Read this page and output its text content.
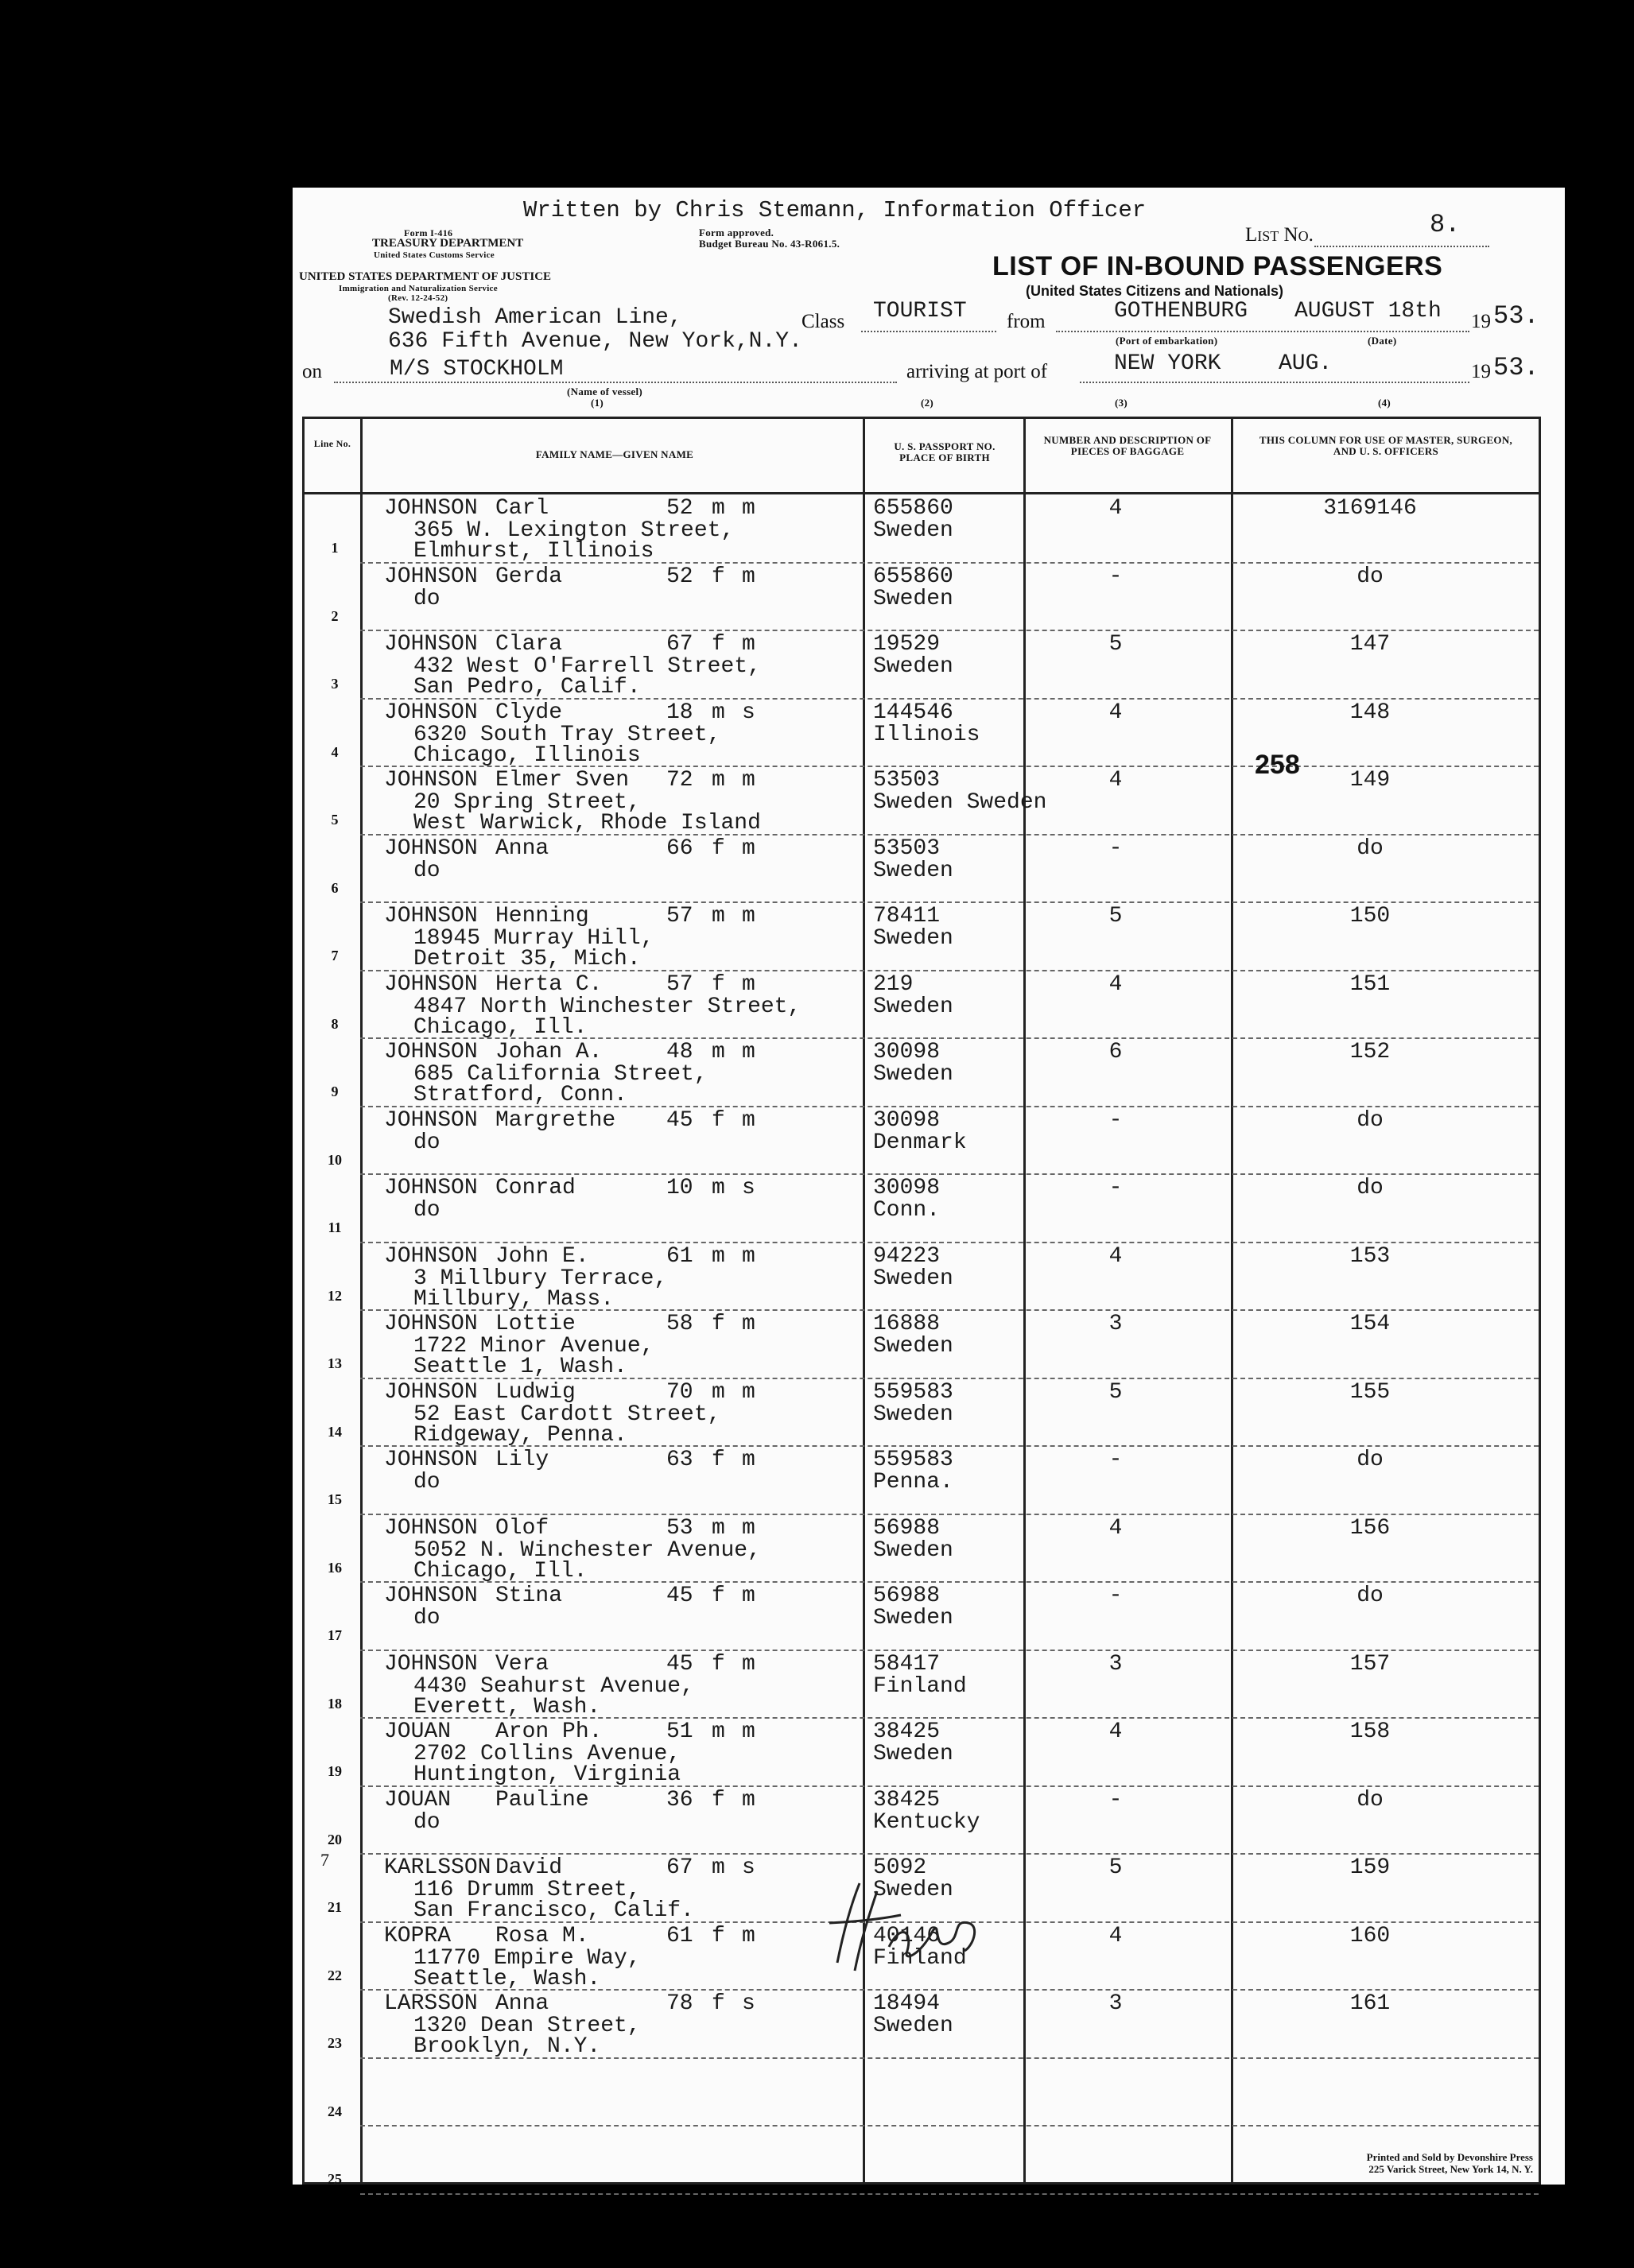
Written by Chris Stemann, Information Officer
Form I-416
TREASURY DEPARTMENT
United States Customs Service
Form approved.
Budget Bureau No. 43-R061.5.	List No.	8.
UNITED STATES DEPARTMENT OF JUSTICE
Immigration and Naturalization Service
(Rev. 12-24-52)
LIST OF IN-BOUND PASSENGERS
(United States Citizens and Nationals)
Swedish American Line,
636 Fifth Avenue, New York,N.Y.
Class TOURIST from	GOTHENBURG AUGUST 18th 19 53.
(Port of embarkation)	(Date)
on	M/S STOCKHOLM
(Name of vessel)
arriving at port of	NEW YORK	AUG.	19 53.
(1)	(2)	(3)	(4)
Line No.
FAMILY NAME—GIVEN NAME
U. S. PASSPORT NO. PLACE OF BIRTH
NUMBER AND DESCRIPTION OF PIECES OF BAGGAGE
THIS COLUMN FOR USE OF MASTER, SURGEON, AND U. S. OFFICERS
1
JOHNSON Carl	52 m m
365 W. Lexington Street,
Elmhurst, Illinois
655860
Sweden
4	3169146
2
JOHNSON Gerda	52 f m
do
655860
Sweden
-	do
3
JOHNSON Clara	67 f m
432 West O'Farrell Street,
San Pedro, Calif.
19529
Sweden
5	147
4
JOHNSON Clyde	18 m s
6320 South Tray Street,
Chicago, Illinois
144546
Illinois
4	148
5
JOHNSON Elmer Sven 72 m m
20 Spring Street,
West Warwick, Rhode Island
53503
Sweden Sweden
4	149
6
JOHNSON Anna	66 f m
do
53503
Sweden
-	do
7
JOHNSON Henning	57 m m
18945 Murray Hill,
Detroit 35, Mich.
78411
Sweden
5	150
8
JOHNSON Herta C.	57 f m
4847 North Winchester Street,
Chicago, Ill.
219
Sweden
4	151
9
JOHNSON Johan A.	48 m m
685 California Street,
Stratford, Conn.
30098
Sweden
6	152
10
JOHNSON Margrethe 45 f m
do
30098
Denmark
-	do
11
JOHNSON Conrad	10 m s
do
30098
Conn.
-	do
12
JOHNSON John E.	61 m m
3 Millbury Terrace,
Millbury, Mass.
94223
Sweden
4	153
13
JOHNSON Lottie	58 f m
1722 Minor Avenue,
Seattle 1, Wash.
16888
Sweden
3	154
14
JOHNSON Ludwig	70 m m
52 East Cardott Street,
Ridgeway, Penna.
559583
Sweden
5	155
15
JOHNSON Lily	63 f m
do
559583
Penna.
-	do
16
JOHNSON Olof	53 m m
5052 N. Winchester Avenue,
Chicago, Ill.
56988
Sweden
4	156
17
JOHNSON Stina	45 f m
do
56988
Sweden
-	do
18
JOHNSON Vera	45 f m
4430 Seahurst Avenue,
Everett, Wash.
58417
Finland
3	157
19
JOUAN Aron Ph.	51 m m
2702 Collins Avenue,
Huntington, Virginia
38425
Sweden
4	158
20
JOUAN Pauline	36 f m
do
38425
Kentucky
-	do
21
KARLSSON David	67 m s
116 Drumm Street,
San Francisco, Calif.
5092
Sweden
5	159
22
KOPRA Rosa M.	61 f m
11770 Empire Way,
Seattle, Wash.
40146
Finland
4	160
23
LARSSON Anna	78 f s
1320 Dean Street,
Brooklyn, N.Y.
18494
Sweden
3	161
24
25
258
7
Printed and Sold by Devonshire Press
225 Varick Street, New York 14, N. Y.
